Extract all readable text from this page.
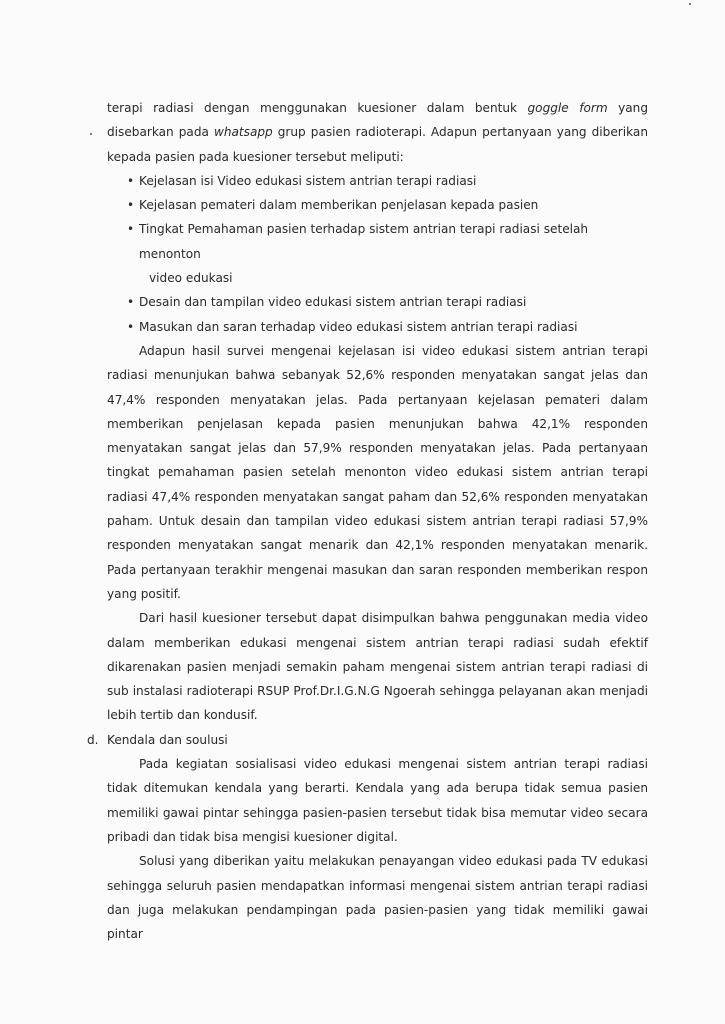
terapi radiasi dengan menggunakan kuesioner dalam bentuk goggle form yang disebarkan pada whatsapp grup pasien radioterapi. Adapun pertanyaan yang diberikan kepada pasien pada kuesioner tersebut meliputi:

• Kejelasan isi Video edukasi sistem antrian terapi radiasi
• Kejelasan pemateri dalam memberikan penjelasan kepada pasien
• Tingkat Pemahaman pasien terhadap sistem antrian terapi radiasi setelah menonton
video edukasi
• Desain dan tampilan video edukasi sistem antrian terapi radiasi
• Masukan dan saran terhadap video edukasi sistem antrian terapi radiasi

Adapun hasil survei mengenai kejelasan isi video edukasi sistem antrian terapi radiasi menunjukan bahwa sebanyak 52,6% responden menyatakan sangat jelas dan 47,4% responden menyatakan jelas. Pada pertanyaan kejelasan pemateri dalam memberikan penjelasan kepada pasien menunjukan bahwa 42,1% responden menyatakan sangat jelas dan 57,9% responden menyatakan jelas. Pada pertanyaan tingkat pemahaman pasien setelah menonton video edukasi sistem antrian terapi radiasi 47,4% responden menyatakan sangat paham dan 52,6% responden menyatakan paham. Untuk desain dan tampilan video edukasi sistem antrian terapi radiasi 57,9% responden menyatakan sangat menarik dan 42,1% responden menyatakan menarik. Pada pertanyaan terakhir mengenai masukan dan saran responden memberikan respon yang positif.

Dari hasil kuesioner tersebut dapat disimpulkan bahwa penggunakan media video dalam memberikan edukasi mengenai sistem antrian terapi radiasi sudah efektif dikarenakan pasien menjadi semakin paham mengenai sistem antrian terapi radiasi di sub instalasi radioterapi RSUP Prof.Dr.I.G.N.G Ngoerah sehingga pelayanan akan menjadi lebih tertib dan kondusif.

d. Kendala dan soulusi

Pada kegiatan sosialisasi video edukasi mengenai sistem antrian terapi radiasi tidak ditemukan kendala yang berarti. Kendala yang ada berupa tidak semua pasien memiliki gawai pintar sehingga pasien-pasien tersebut tidak bisa memutar video secara pribadi dan tidak bisa mengisi kuesioner digital.

Solusi yang diberikan yaitu melakukan penayangan video edukasi pada TV edukasi sehingga seluruh pasien mendapatkan informasi mengenai sistem antrian terapi radiasi dan juga melakukan pendampingan pada pasien-pasien yang tidak memiliki gawai pintar
